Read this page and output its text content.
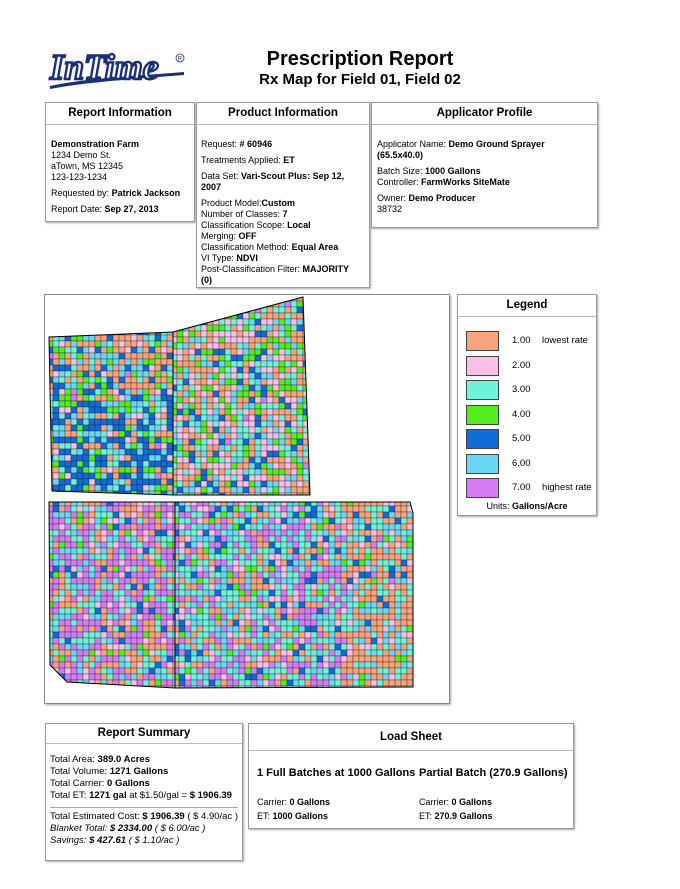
InTime	R	Prescription Report
Rx Map for Field 01, Field 02
Report Information
Demonstration Farm
1234 Demo St.
aTown, MS 12345
123-123-1234
Requested by: Patrick Jackson
Report Date: Sep 27, 2013
Product Information
Request: # 60946
Treatments Applied: ET
Data Set: Vari-Scout Plus: Sep 12,
2007
Product Model:Custom
Number of Classes: 7
Classification Scope: Local
Merging: OFF
Classification Method: Equal Area
VI Type: NDVI
Post-Classification Filter: MAJORITY
(0)
Applicator Profile
Applicator Name: Demo Ground Sprayer
(65.5x40.0)
Batch Size: 1000 Gallons
Controller: FarmWorks SiteMate
Owner: Demo Producer
38732
Legend
1.00 lowest rate
2.00
3.00
4.00
5.00
6.00
7.00 highest rate
Units: Gallons/Acre
Report Summary
Total Area: 389.0 Acres
Total Volume: 1271 Gallons
Total Carrier: 0 Gallons
Total ET: 1271 gal at $1.50/gal = $ 1906.39
Total Estimated Cost: $ 1906.39 ( $ 4.90/ac )
Blanket Total: $ 2334.00 ( $ 6.00/ac )
Savings: $ 427.61 ( $ 1.10/ac )
Load Sheet
1 Full Batches at 1000 Gallons Partial Batch (270.9 Gallons)
Carrier: 0 Gallons
ET: 1000 Gallons
Carrier: 0 Gallons
ET: 270.9 Gallons
